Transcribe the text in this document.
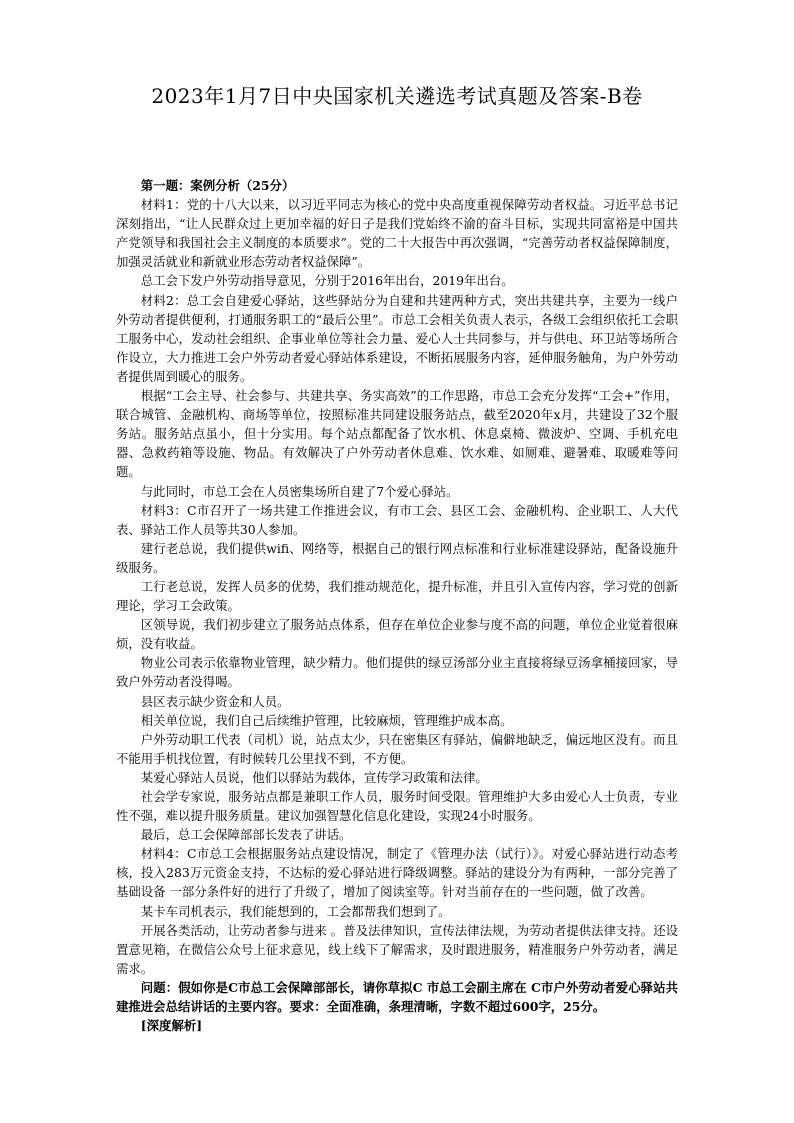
2023年1月7日中央国家机关遴选考试真题及答案-B卷

第一题：案例分析（25分）

材料1：党的十八大以来，以习近平同志为核心的党中央高度重视保障劳动者权益。习近平总书记深刻指出，“让人民群众过上更加幸福的好日子是我们党始终不渝的奋斗目标，实现共同富裕是中国共产党领导和我国社会主义制度的本质要求”。党的二十大报告中再次强调，“完善劳动者权益保障制度，加强灵活就业和新就业形态劳动者权益保障”。

总工会下发户外劳动指导意见，分别于2016年出台，2019年出台。

材料2：总工会自建爱心驿站，这些驿站分为自建和共建两种方式，突出共建共享，主要为一线户外劳动者提供便利，打通服务职工的“最后公里”。市总工会相关负责人表示，各级工会组织依托工会职工服务中心，发动社会组织、企事业单位等社会力量、爱心人士共同参与，并与供电、环卫站等场所合作设立，大力推进工会户外劳动者爱心驿站体系建设，不断拓展服务内容，延伸服务触角，为户外劳动者提供周到暖心的服务。

根据“工会主导、社会参与、共建共享、务实高效”的工作思路，市总工会充分发挥“工会+”作用，联合城管、金融机构、商场等单位，按照标准共同建设服务站点，截至2020年x月，共建设了32个服务站。服务站点虽小，但十分实用。每个站点都配备了饮水机、休息桌椅、微波炉、空调、手机充电器、急救药箱等设施、物品。有效解决了户外劳动者休息难、饮水难、如厕难、避暑难、取暖难等问题。

与此同时，市总工会在人员密集场所自建了7个爱心驿站。

材料3：C市召开了一场共建工作推进会议，有市工会、县区工会、金融机构、企业职工、人大代表、驿站工作人员等共30人参加。

建行老总说，我们提供wifi、网络等，根据自己的银行网点标准和行业标准建设驿站，配备设施升级服务。

工行老总说，发挥人员多的优势，我们推动规范化，提升标准，并且引入宣传内容，学习党的创新理论，学习工会政策。

区领导说，我们初步建立了服务站点体系，但存在单位企业参与度不高的问题，单位企业觉着很麻烦，没有收益。

物业公司表示依靠物业管理，缺少精力。他们提供的绿豆汤部分业主直接将绿豆汤拿桶接回家，导致户外劳动者没得喝。

县区表示缺少资金和人员。

相关单位说，我们自己后续维护管理，比较麻烦，管理维护成本高。

户外劳动职工代表（司机）说，站点太少，只在密集区有驿站，偏僻地缺乏，偏远地区没有。而且不能用手机找位置，有时候转几公里找不到，不方便。

某爱心驿站人员说，他们以驿站为载体，宣传学习政策和法律。

社会学专家说，服务站点都是兼职工作人员，服务时间受限。管理维护大多由爱心人士负责，专业性不强，难以提升服务质量。建议加强智慧化信息化建设，实现24小时服务。

最后，总工会保障部部长发表了讲话。

材料4：C市总工会根据服务站点建设情况，制定了《管理办法（试行）》。对爱心驿站进行动态考核，投入283万元资金支持，不达标的爱心驿站进行降级调整。驿站的建设分为有两种，一部分完善了基础设备 一部分条件好的进行了升级了，增加了阅读室等。针对当前存在的一些问题，做了改善。

某卡车司机表示，我们能想到的，工会都帮我们想到了。

开展各类活动，让劳动者参与进来 。普及法律知识，宣传法律法规，为劳动者提供法律支持。还设置意见箱，在微信公众号上征求意见，线上线下了解需求，及时跟进服务，精准服务户外劳动者，满足需求。

问题：假如你是C市总工会保障部部长，请你草拟C 市总工会副主席在 C市户外劳动者爱心驿站共建推进会总结讲话的主要内容。要求：全面准确，条理清晰，字数不超过600字，25分。

[深度解析]
